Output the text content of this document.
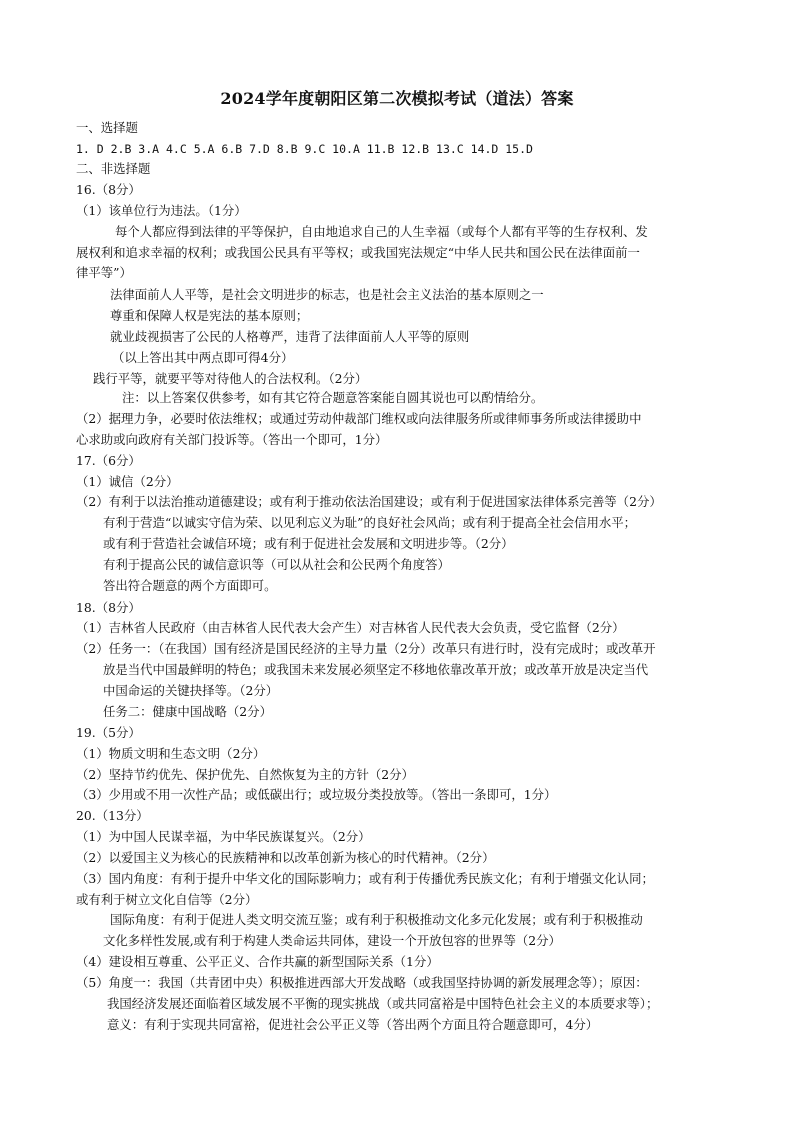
2024学年度朝阳区第二次模拟考试（道法）答案
一、选择题
1. D 2.B 3.A 4.C 5.A 6.B 7.D 8.B 9.C 10.A 11.B 12.B 13.C 14.D 15.D
二、非选择题
16.（8分）
（1）该单位行为违法。（1分）
每个人都应得到法律的平等保护，自由地追求自己的人生幸福（或每个人都有平等的生存权利、发
展权利和追求幸福的权利；或我国公民具有平等权；或我国宪法规定“中华人民共和国公民在法律面前一
律平等”）
法律面前人人平等，是社会文明进步的标志，也是社会主义法治的基本原则之一
尊重和保障人权是宪法的基本原则；
就业歧视损害了公民的人格尊严，违背了法律面前人人平等的原则
（以上答出其中两点即可得4分）
践行平等，就要平等对待他人的合法权利。（2分）
注：以上答案仅供参考，如有其它符合题意答案能自圆其说也可以酌情给分。
（2）据理力争，必要时依法维权；或通过劳动仲裁部门维权或向法律服务所或律师事务所或法律援助中
心求助或向政府有关部门投诉等。（答出一个即可，1分）
17.（6分）
（1）诚信（2分）
（2）有利于以法治推动道德建设；或有利于推动依法治国建设；或有利于促进国家法律体系完善等（2分）
有利于营造“以诚实守信为荣、以见利忘义为耻”的良好社会风尚；或有利于提高全社会信用水平；
或有利于营造社会诚信环境；或有利于促进社会发展和文明进步等。（2分）
有利于提高公民的诚信意识等（可以从社会和公民两个角度答）
答出符合题意的两个方面即可。
18.（8分）
（1）吉林省人民政府（由吉林省人民代表大会产生）对吉林省人民代表大会负责，受它监督（2分）
（2）任务一：（在我国）国有经济是国民经济的主导力量（2分）改革只有进行时，没有完成时；或改革开
放是当代中国最鲜明的特色；或我国未来发展必须坚定不移地依靠改革开放；或改革开放是决定当代
中国命运的关键抉择等。（2分）
任务二：健康中国战略（2分）
19.（5分）
（1）物质文明和生态文明（2分）
（2）坚持节约优先、保护优先、自然恢复为主的方针（2分）
（3）少用或不用一次性产品；或低碳出行；或垃圾分类投放等。（答出一条即可，1分）
20.（13分）
（1）为中国人民谋幸福，为中华民族谋复兴。（2分）
（2）以爱国主义为核心的民族精神和以改革创新为核心的时代精神。（2分）
（3）国内角度：有利于提升中华文化的国际影响力；或有利于传播优秀民族文化；有利于增强文化认同；
或有利于树立文化自信等（2分）
国际角度：有利于促进人类文明交流互鉴；或有利于积极推动文化多元化发展；或有利于积极推动
文化多样性发展,或有利于构建人类命运共同体，建设一个开放包容的世界等（2分）
（4）建设相互尊重、公平正义、合作共赢的新型国际关系（1分）
（5）角度一：我国（共青团中央）积极推进西部大开发战略（或我国坚持协调的新发展理念等）；原因：
我国经济发展还面临着区域发展不平衡的现实挑战（或共同富裕是中国特色社会主义的本质要求等）；
意义：有利于实现共同富裕，促进社会公平正义等（答出两个方面且符合题意即可，4分）
